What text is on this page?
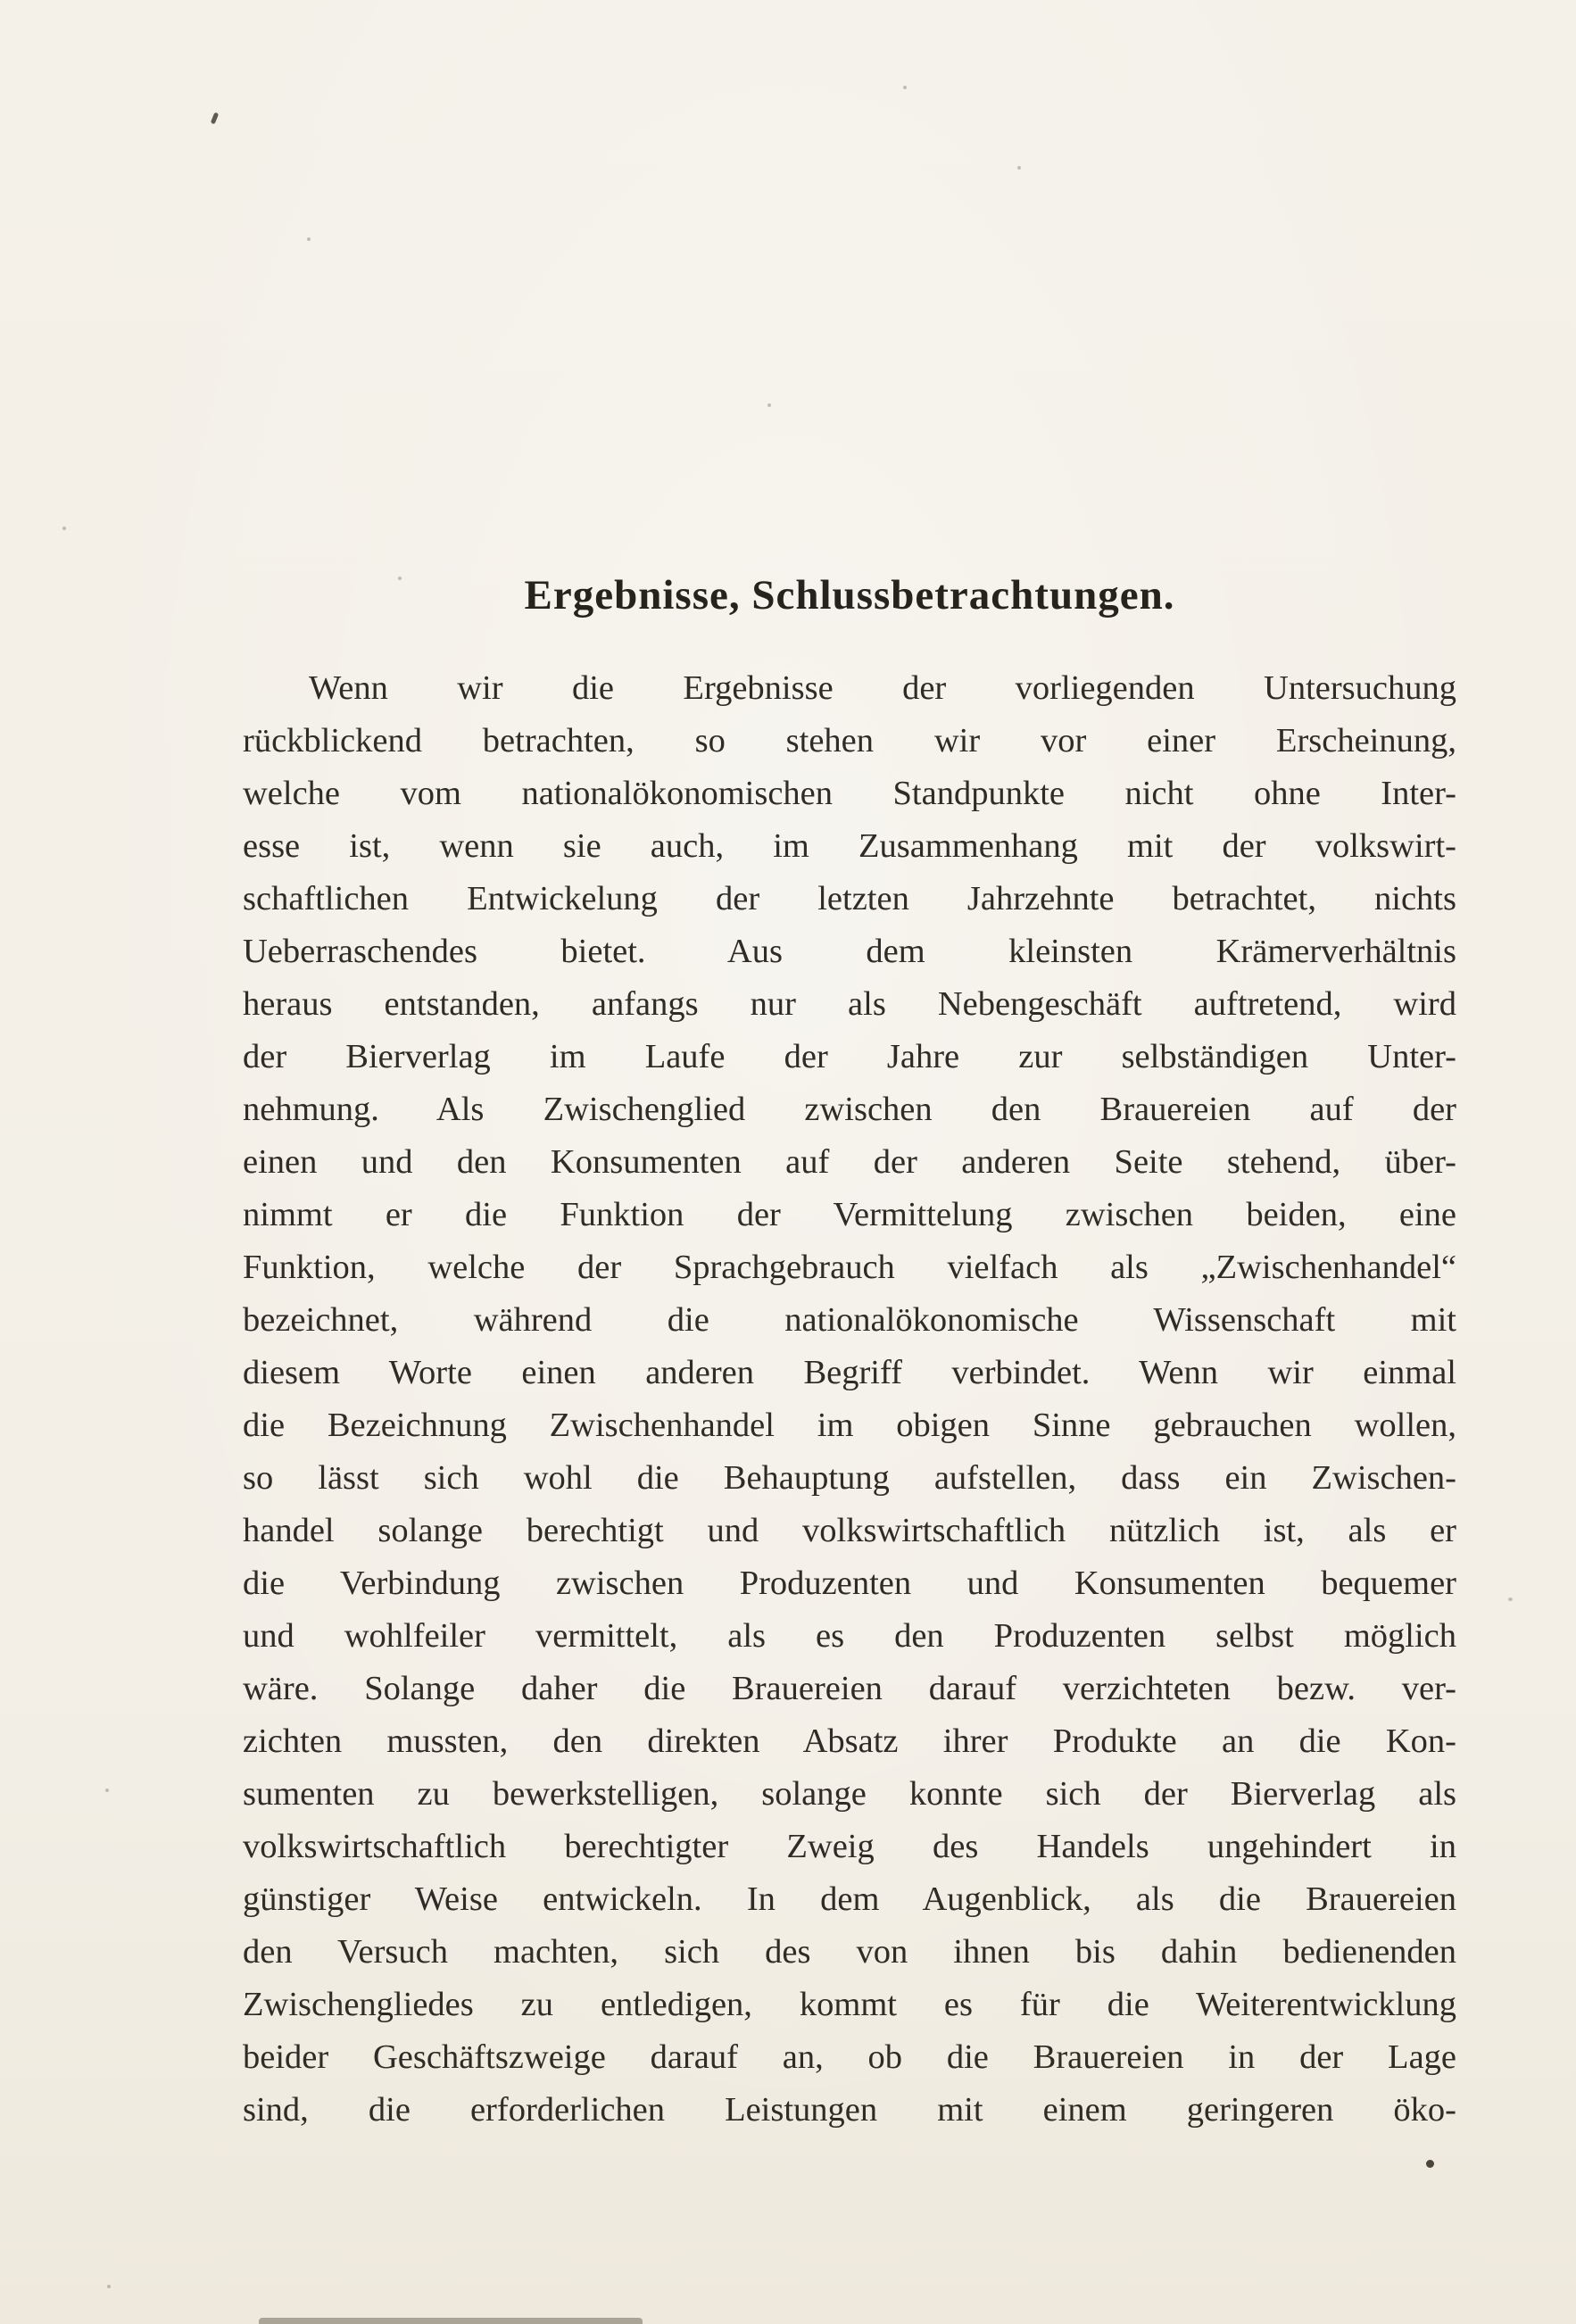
Ergebnisse, Schlussbetrachtungen.
Wenn wir die Ergebnisse der vorliegenden Untersuchung
rückblickend betrachten, so stehen wir vor einer Erscheinung,
welche vom nationalökonomischen Standpunkte nicht ohne Inter-
esse ist, wenn sie auch, im Zusammenhang mit der volkswirt-
schaftlichen Entwickelung der letzten Jahrzehnte betrachtet, nichts
Ueberraschendes bietet. Aus dem kleinsten Krämerverhältnis
heraus entstanden, anfangs nur als Nebengeschäft auftretend, wird
der Bierverlag im Laufe der Jahre zur selbständigen Unter-
nehmung. Als Zwischenglied zwischen den Brauereien auf der
einen und den Konsumenten auf der anderen Seite stehend, über-
nimmt er die Funktion der Vermittelung zwischen beiden, eine
Funktion, welche der Sprachgebrauch vielfach als „Zwischenhandel“
bezeichnet, während die nationalökonomische Wissenschaft mit
diesem Worte einen anderen Begriff verbindet. Wenn wir einmal
die Bezeichnung Zwischenhandel im obigen Sinne gebrauchen wollen,
so lässt sich wohl die Behauptung aufstellen, dass ein Zwischen-
handel solange berechtigt und volkswirtschaftlich nützlich ist, als er
die Verbindung zwischen Produzenten und Konsumenten bequemer
und wohlfeiler vermittelt, als es den Produzenten selbst möglich
wäre. Solange daher die Brauereien darauf verzichteten bezw. ver-
zichten mussten, den direkten Absatz ihrer Produkte an die Kon-
sumenten zu bewerkstelligen, solange konnte sich der Bierverlag als
volkswirtschaftlich berechtigter Zweig des Handels ungehindert in
günstiger Weise entwickeln. In dem Augenblick, als die Brauereien
den Versuch machten, sich des von ihnen bis dahin bedienenden
Zwischengliedes zu entledigen, kommt es für die Weiterentwicklung
beider Geschäftszweige darauf an, ob die Brauereien in der Lage
sind, die erforderlichen Leistungen mit einem geringeren öko-
